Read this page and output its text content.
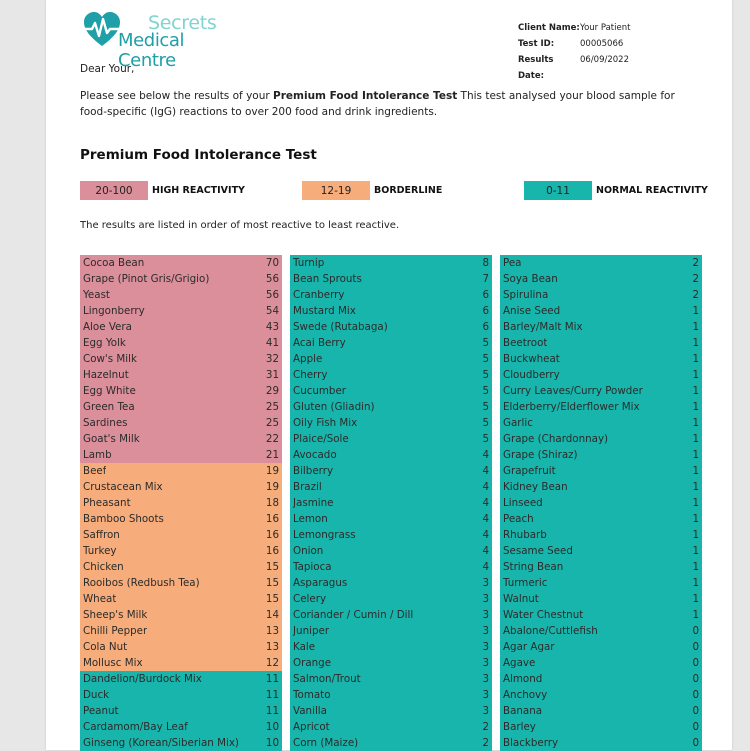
Secrets
Medical Centre
Client Name: Your Patient
Test ID:	00005066
Results Date:
06/09/2022
Dear Your,
Please see below the results of your Premium Food Intolerance Test This test analysed your blood sample for food-specific (IgG) reactions to over 200 food and drink ingredients.
Premium Food Intolerance Test
20-100	HIGH REACTIVITY	12-19	BORDERLINE	0-11	NORMAL REACTIVITY
The results are listed in order of most reactive to least reactive.
Cocoa Bean	70
Grape (Pinot Gris/Grigio)	56
Yeast	56
Lingonberry	54
Aloe Vera	43
Egg Yolk	41
Cow's Milk	32
Hazelnut	31
Egg White	29
Green Tea	25
Sardines	25
Goat's Milk	22
Lamb	21
Beef	19
Crustacean Mix	19
Pheasant	18
Bamboo Shoots	16
Saffron	16
Turkey	16
Chicken	15
Rooibos (Redbush Tea)	15
Wheat	15
Sheep's Milk	14
Chilli Pepper	13
Cola Nut	13
Mollusc Mix	12
Dandelion/Burdock Mix	11
Duck	11
Peanut	11
Cardamom/Bay Leaf	10
Ginseng (Korean/Siberian Mix)	10
Turnip	8
Bean Sprouts	7
Cranberry	6
Mustard Mix	6
Swede (Rutabaga)	6
Acai Berry	5
Apple	5
Cherry	5
Cucumber	5
Gluten (Gliadin)	5
Oily Fish Mix	5
Plaice/Sole	5
Avocado	4
Bilberry	4
Brazil	4
Jasmine	4
Lemon	4
Lemongrass	4
Onion	4
Tapioca	4
Asparagus	3
Celery	3
Coriander / Cumin / Dill	3
Juniper	3
Kale	3
Orange	3
Salmon/Trout	3
Tomato	3
Vanilla	3
Apricot	2
Corn (Maize)	2
Pea	2
Soya Bean	2
Spirulina	2
Anise Seed	1
Barley/Malt Mix	1
Beetroot	1
Buckwheat	1
Cloudberry	1
Curry Leaves/Curry Powder	1
Elderberry/Elderflower Mix	1
Garlic	1
Grape (Chardonnay)	1
Grape (Shiraz)	1
Grapefruit	1
Kidney Bean	1
Linseed	1
Peach	1
Rhubarb	1
Sesame Seed	1
String Bean	1
Turmeric	1
Walnut	1
Water Chestnut	1
Abalone/Cuttlefish	0
Agar Agar	0
Agave	0
Almond	0
Anchovy	0
Banana	0
Barley	0
Blackberry	0
